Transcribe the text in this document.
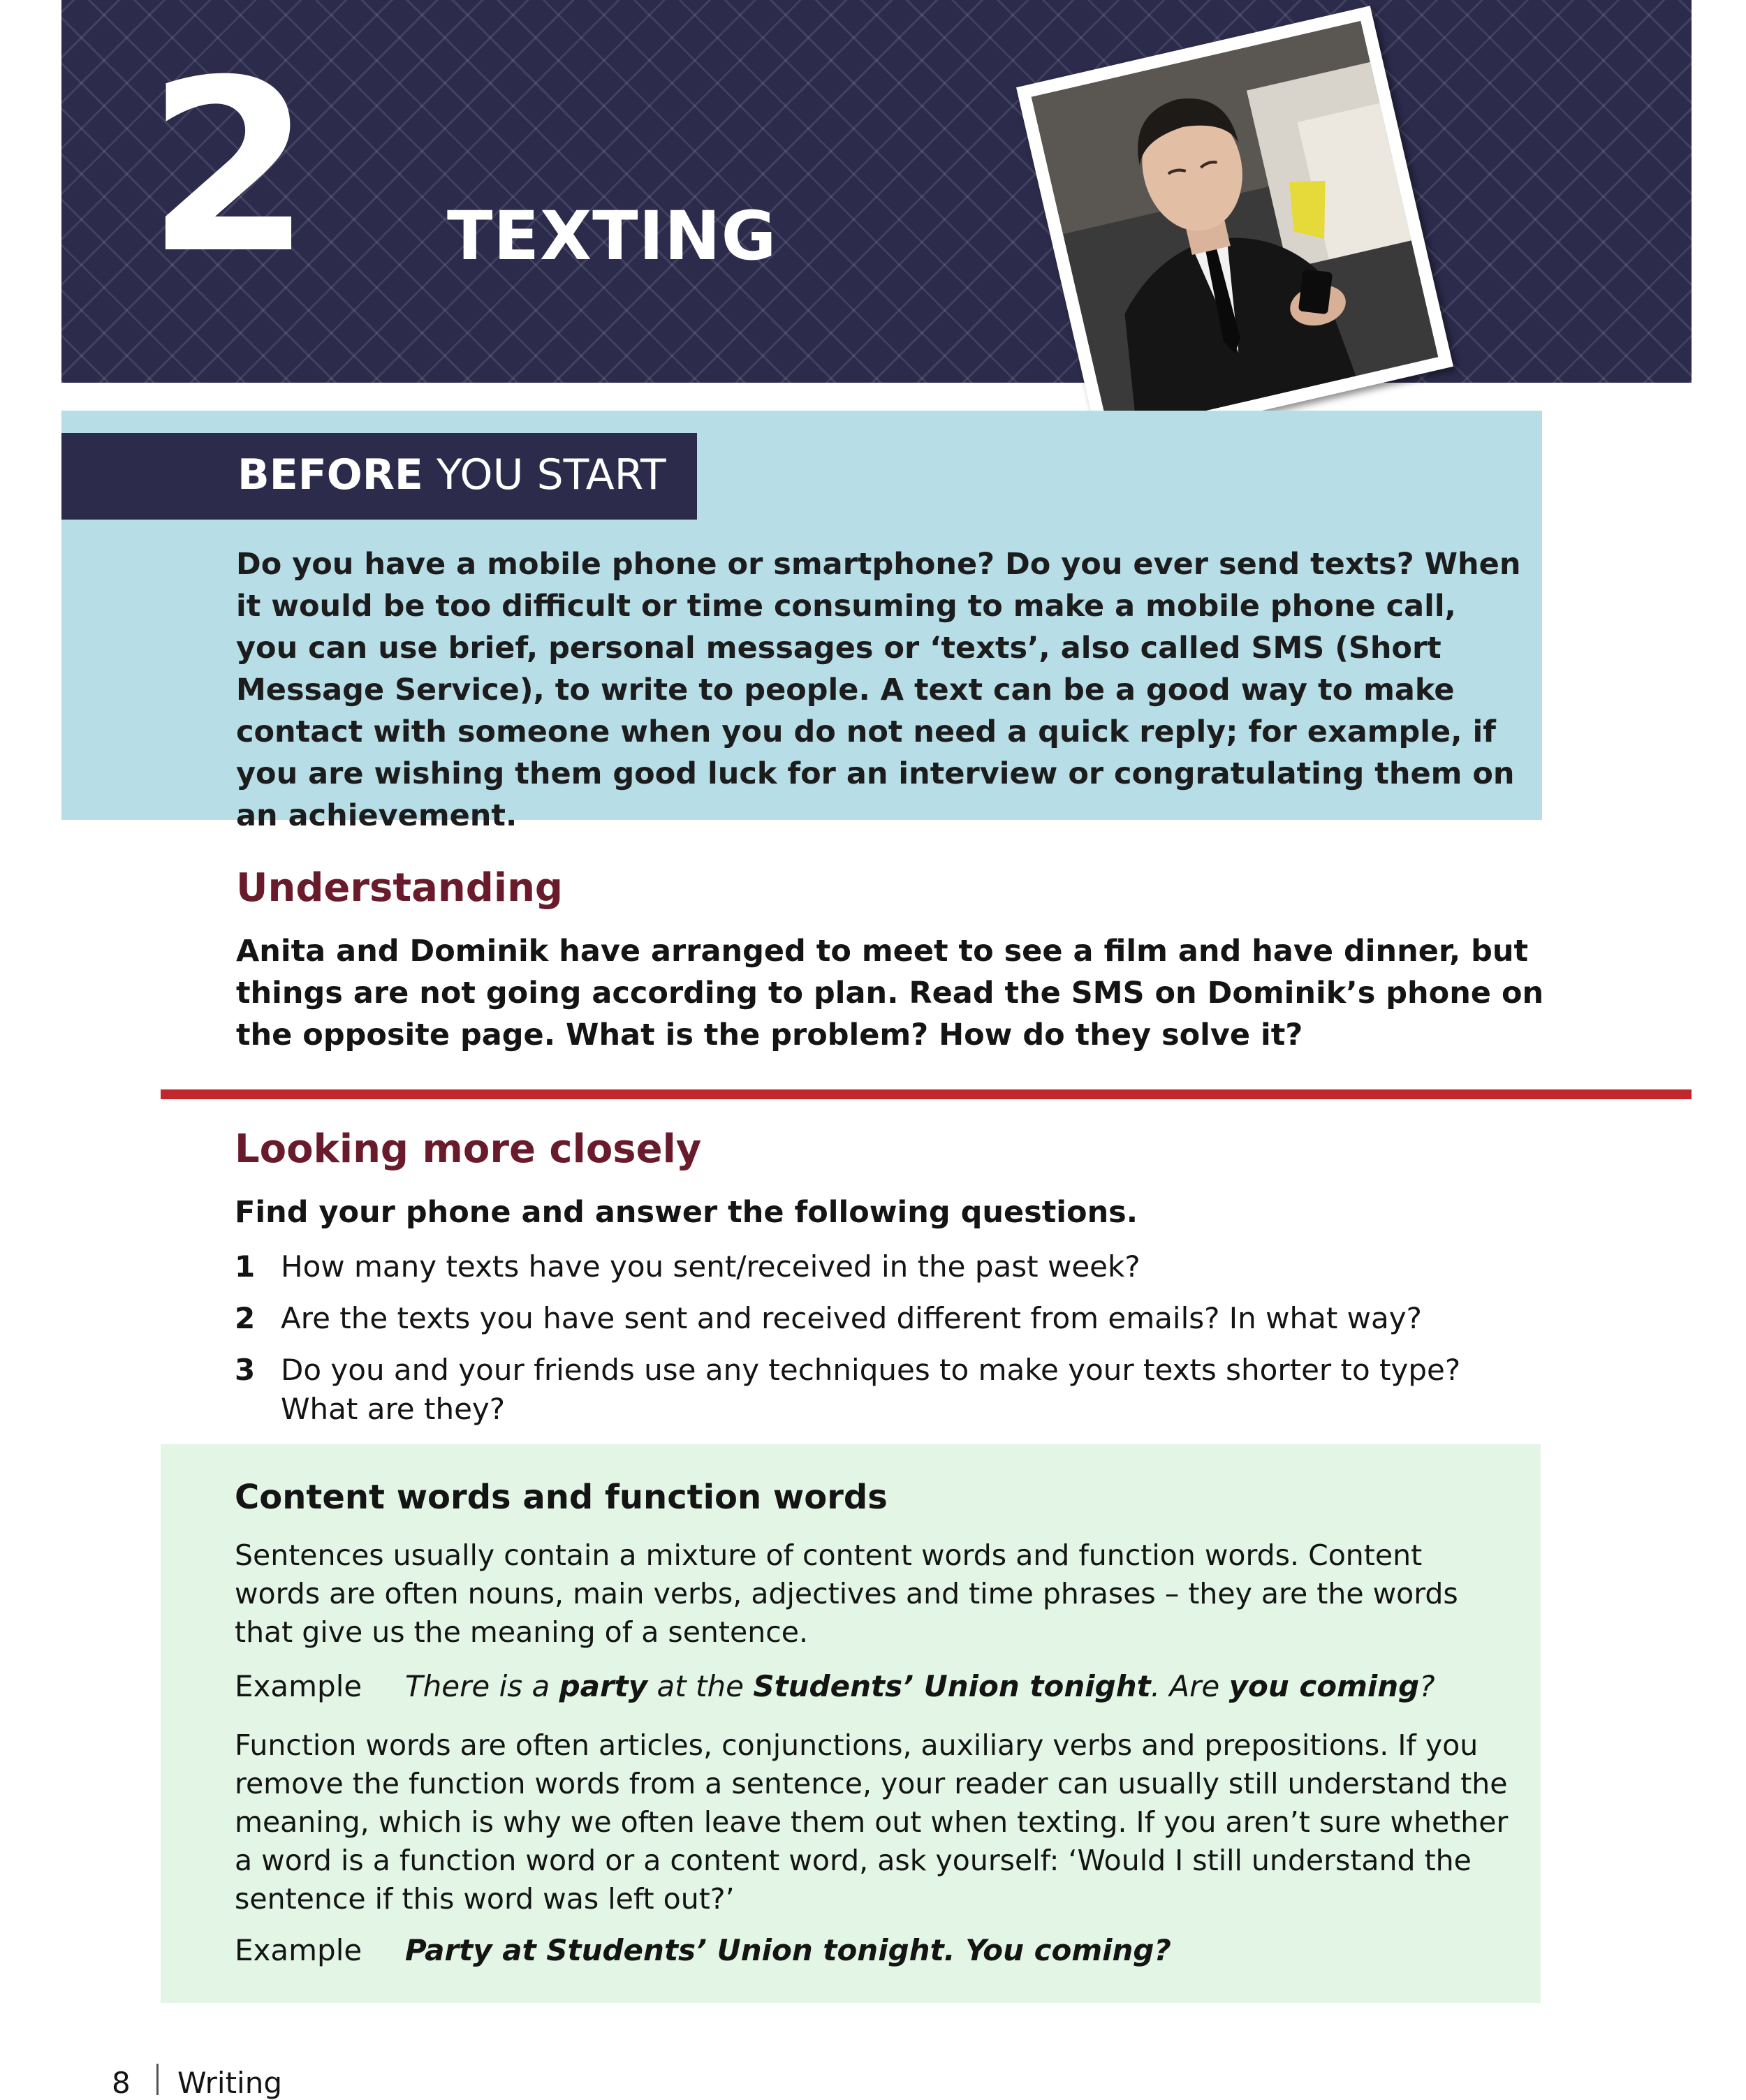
2 TEXTING
BEFORE YOU START
Do you have a mobile phone or smartphone? Do you ever send texts? When it would be too difficult or time consuming to make a mobile phone call, you can use brief, personal messages or ‘texts’, also called SMS (Short Message Service), to write to people. A text can be a good way to make contact with someone when you do not need a quick reply; for example, if you are wishing them good luck for an interview or congratulating them on an achievement.
Understanding
Anita and Dominik have arranged to meet to see a film and have dinner, but things are not going according to plan. Read the SMS on Dominik’s phone on the opposite page. What is the problem? How do they solve it?
Looking more closely
Find your phone and answer the following questions.
1 How many texts have you sent/received in the past week?
2 Are the texts you have sent and received different from emails? In what way?
3 Do you and your friends use any techniques to make your texts shorter to type? What are they?
Content words and function words
Sentences usually contain a mixture of content words and function words. Content words are often nouns, main verbs, adjectives and time phrases – they are the words that give us the meaning of a sentence.
Example There is a party at the Students’ Union tonight. Are you coming?
Function words are often articles, conjunctions, auxiliary verbs and prepositions. If you remove the function words from a sentence, your reader can usually still understand the meaning, which is why we often leave them out when texting. If you aren’t sure whether a word is a function word or a content word, ask yourself: ‘Would I still understand the sentence if this word was left out?’
Example Party at Students’ Union tonight. You coming?
8 Writing
